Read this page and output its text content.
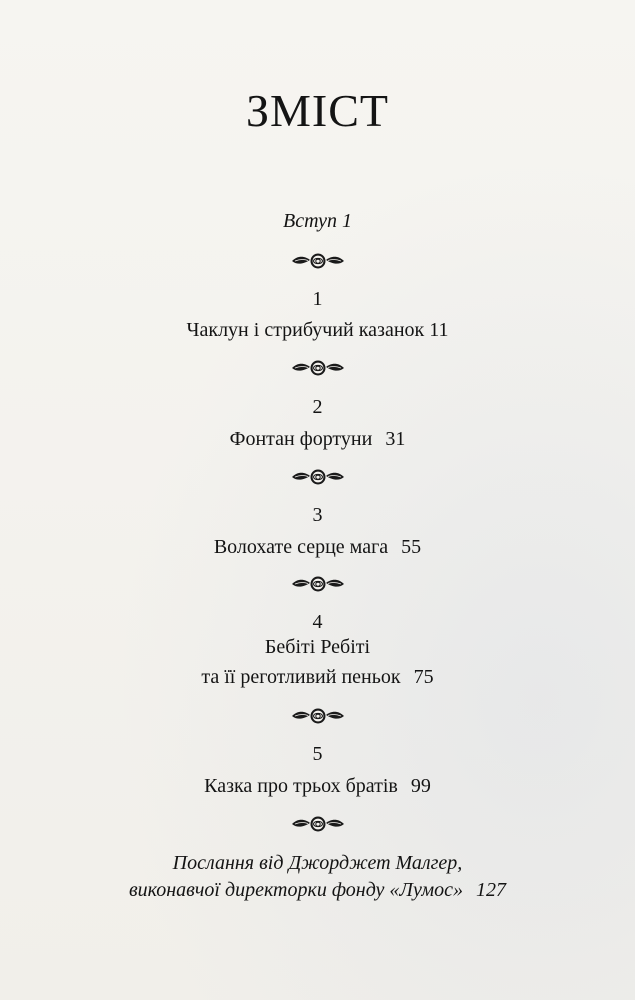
ЗМІСТ
Вступ 1
1
Чаклун і стрибучий казанок 11
2
Фонтан фортуни 31
3
Волохате серце мага 55
4
Бебіті Ребіті
та її реготливий пеньок 75
5
Казка про трьох братів 99
Послання від Джорджет Малгер,
виконавчої директорки фонду «Лумос» 127
